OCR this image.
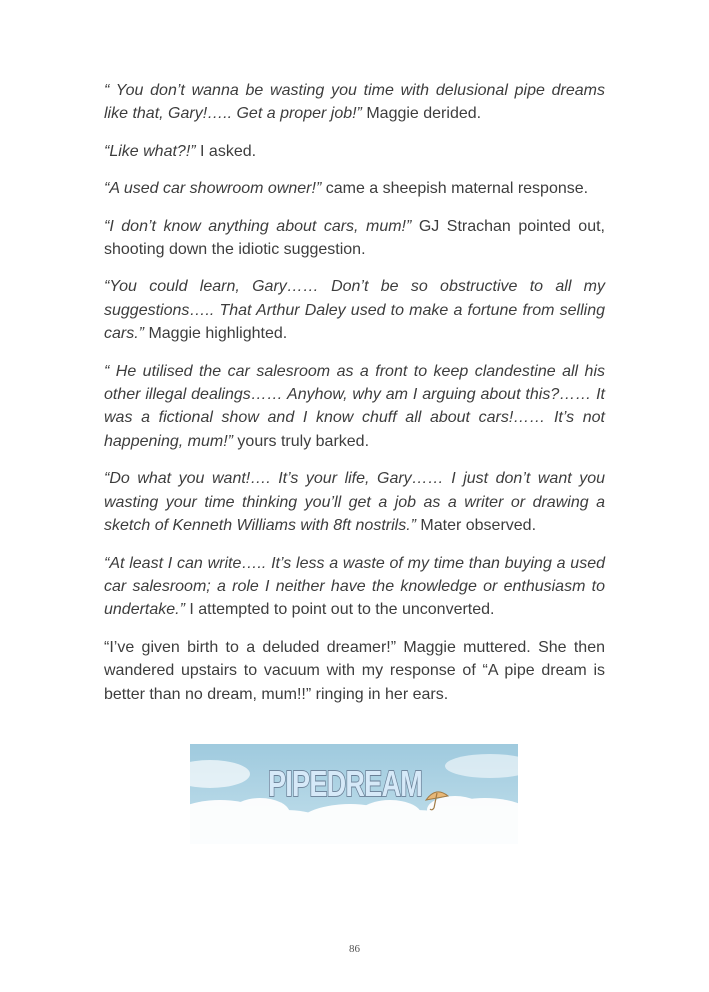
“ You don’t wanna be wasting you time with delusional pipe dreams like that, Gary!….. Get a proper job!” Maggie derided.

“Like what?!” I asked.

“A used car showroom owner!” came a sheepish maternal response.

“I don’t know anything about cars, mum!” GJ Strachan pointed out, shooting down the idiotic suggestion.

“You could learn, Gary…… Don’t be so obstructive to all my suggestions….. That Arthur Daley used to make a fortune from selling cars.” Maggie highlighted.

“ He utilised the car salesroom as a front to keep clandestine all his other illegal dealings…… Anyhow, why am I arguing about this?…… It was a fictional show and I know chuff all about cars!…… It’s not happening, mum!” yours truly barked.

“Do what you want!…. It’s your life, Gary…… I just don’t want you wasting your time thinking you’ll get a job as a writer or drawing a sketch of Kenneth Williams with 8ft nostrils.” Mater observed.

“At least I can write….. It’s less a waste of my time than buying a used car salesroom; a role I neither have the knowledge or enthusiasm to undertake.” I attempted to point out to the unconverted.

“I’ve given birth to a deluded dreamer!” Maggie muttered. She then wandered upstairs to vacuum with my response of “A pipe dream is better than no dream, mum!!” ringing in her ears.

PIPEDREAM
86
